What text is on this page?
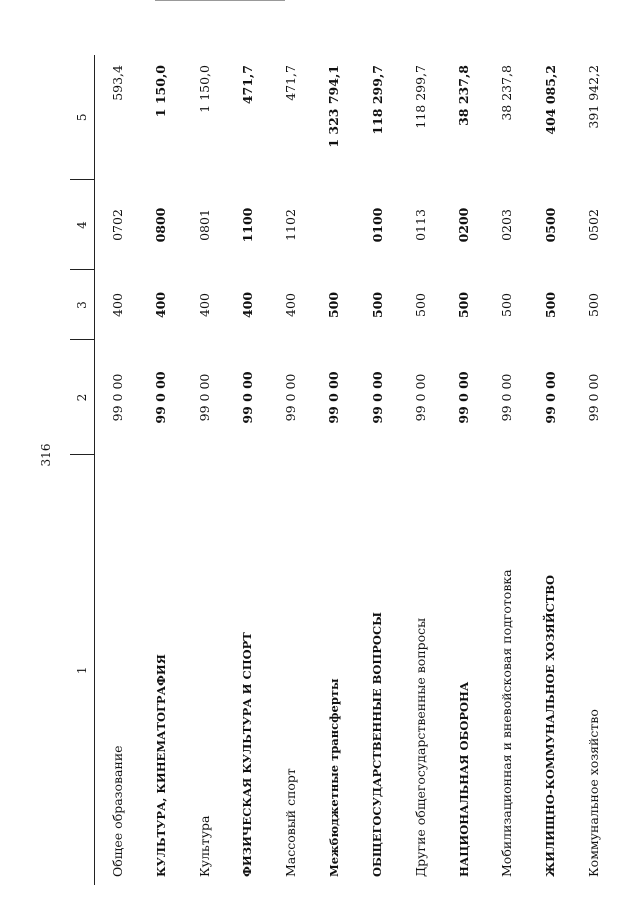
316
1	2	3	4	5
Общее образование	99 0 00	400	0702	593,4
КУЛЬТУРА, КИНЕМАТОГРАФИЯ	99 0 00	400	0800	1 150,0
Культура	99 0 00	400	0801	1 150,0
ФИЗИЧЕСКАЯ КУЛЬТУРА И СПОРТ	99 0 00	400	1100	471,7
Массовый спорт	99 0 00	400	1102	471,7
Межбюджетные трансферты	99 0 00	500		1 323 794,1
ОБЩЕГОСУДАРСТВЕННЫЕ ВОПРОСЫ	99 0 00	500	0100	118 299,7
Другие общегосударственные вопросы	99 0 00	500	0113	118 299,7
НАЦИОНАЛЬНАЯ ОБОРОНА	99 0 00	500	0200	38 237,8
Мобилизационная и вневойсковая подготовка	99 0 00	500	0203	38 237,8
ЖИЛИЩНО-КОММУНАЛЬНОЕ ХОЗЯЙСТВО	99 0 00	500	0500	404 085,2
Коммунальное хозяйство	99 0 00	500	0502	391 942,2
